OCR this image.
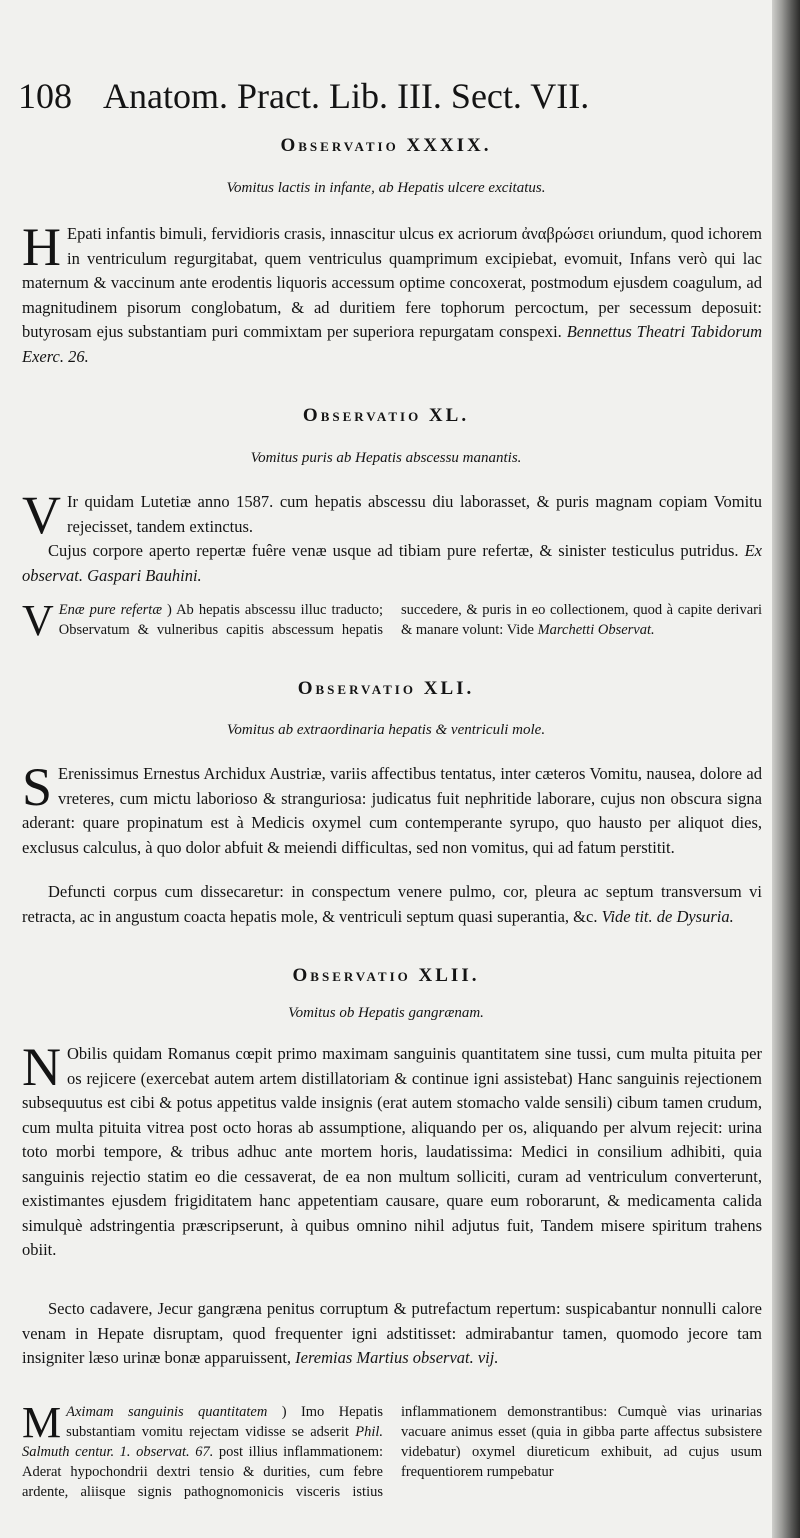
108 Anatom. Pract. Lib. III. Sect. VII.
Observatio XXXIX.
Vomitus lactis in infante, ab Hepatis ulcere excitatus.
H Epati infantis bimuli, fervidioris crasis, innascitur ulcus ex acriorum ἀναβρώσει oriundum, quod ichorem in ventriculum regurgitabat, quem ventriculus quamprimum excipiebat, evomuit, Infans verò qui lac maternum & vaccinum ante erodentis liquoris accessum optime concoxerat, postmodum ejusdem coagulum, ad magnitudinem pisorum conglobatum, & ad duritiem fere tophorum percoctum, per secessum deposuit: butyrosam ejus substantiam puri commixtam per superiora repurgatam conspexi. Bennettus Theatri Tabidorum Exerc. 26.
Observatio XL.
Vomitus puris ab Hepatis abscessu manantis.
V Ir quidam Lutetiæ anno 1587. cum hepatis abscessu diu laborasset, & puris magnam copiam Vomitu rejecisset, tandem extinctus.
Cujus corpore aperto repertæ fuêre venæ usque ad tibiam pure refertæ, & sinister testiculus putridus. Ex observat. Gaspari Bauhini.
V Enæ pure refertæ ) Ab hepatis abscessu illuc traducto; Observatum & vulneribus capitis abscessum hepatis succedere, & puris in eo collectionem, quod à capite derivari & manare volunt: Vide Marchetti Observat.
Observatio XLI.
Vomitus ab extraordinaria hepatis & ventriculi mole.
S Erenissimus Ernestus Archidux Austriæ, variis affectibus tentatus, inter cæteros Vomitu, nausea, dolore ad vreteres, cum mictu laborioso & stranguriosa: judicatus fuit nephritide laborare, cujus non obscura signa aderant: quare propinatum est à Medicis oxymel cum contemperante syrupo, quo hausto per aliquot dies, exclusus calculus, à quo dolor abfuit & meiendi difficultas, sed non vomitus, qui ad fatum perstitit.
Defuncti corpus cum dissecaretur: in conspectum venere pulmo, cor, pleura ac septum transversum vi retracta, ac in angustum coacta hepatis mole, & ventriculi septum quasi superantia, &c. Vide tit. de Dysuria.
Observatio XLII.
Vomitus ob Hepatis gangrænam.
N Obilis quidam Romanus cœpit primo maximam sanguinis quantitatem sine tussi, cum multa pituita per os rejicere (exercebat autem artem distillatoriam & continue igni assistebat) Hanc sanguinis rejectionem subsequutus est cibi & potus appetitus valde insignis (erat autem stomacho valde sensili) cibum tamen crudum, cum multa pituita vitrea post octo horas ab assumptione, aliquando per os, aliquando per alvum rejecit: urina toto morbi tempore, & tribus adhuc ante mortem horis, laudatissima: Medici in consilium adhibiti, quia sanguinis rejectio statim eo die cessaverat, de ea non multum solliciti, curam ad ventriculum converterunt, existimantes ejusdem frigiditatem hanc appetentiam causare, quare eum roborarunt, & medicamenta calida simulquè adstringentia præscripserunt, à quibus omnino nihil adjutus fuit, Tandem misere spiritum trahens obiit.
Secto cadavere, Jecur gangræna penitus corruptum & putrefactum repertum: suspicabantur nonnulli calore venam in Hepate disruptam, quod frequenter igni adstitisset: admirabantur tamen, quomodo jecore tam insigniter læso urinæ bonæ apparuissent, Ieremias Martius observat. vij.
M Aximam sanguinis quantitatem ) Imo Hepatis substantiam vomitu rejectam vidisse se adserit Phil. Salmuth centur. 1. observat. 67. post illius inflammationem: Aderat hypochondrii dextri tensio & durities, cum febre ardente, aliisque signis pathognomonicis visceris istius inflammationem demonstrantibus: Cumquè vias urinarias vacuare animus esset (quia in gibba parte affectus subsistere videbatur) oxymel diureticum exhibuit, ad cujus usum frequentiorem rumpebatur
